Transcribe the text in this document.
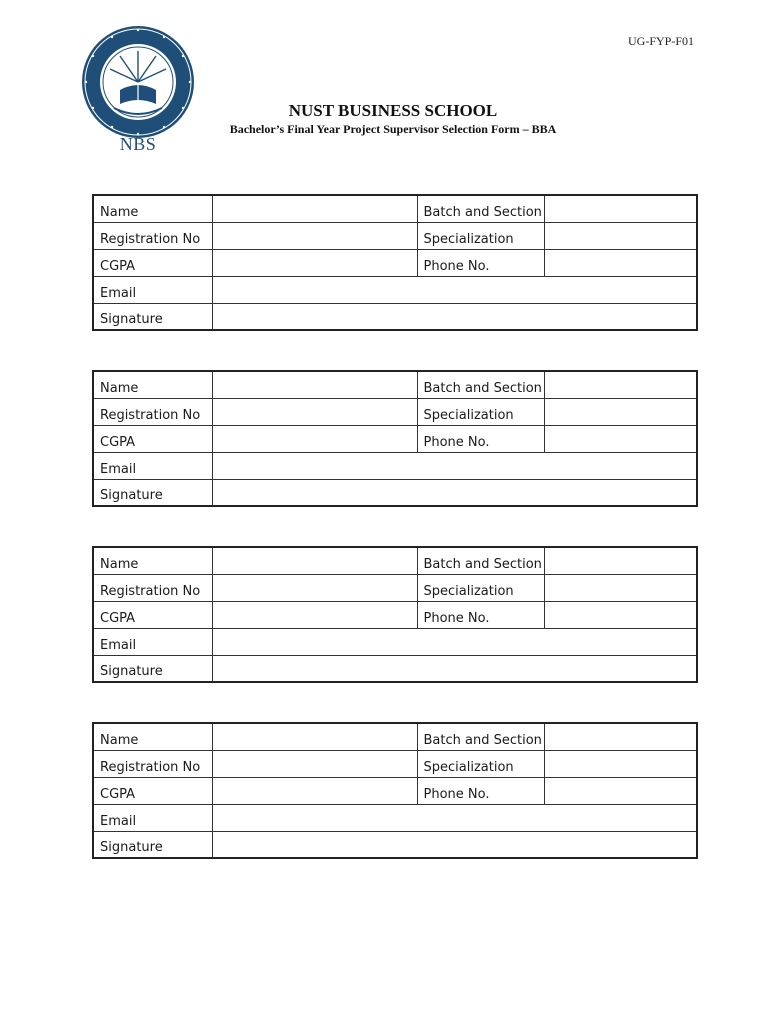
UG-FYP-F01
NBS
NUST BUSINESS SCHOOL
Bachelor’s Final Year Project Supervisor Selection Form – BBA
Name		Batch and Section	
Registration No		Specialization	
CGPA		Phone No.	
Email			
Signature			
Name		Batch and Section	
Registration No		Specialization	
CGPA		Phone No.	
Email			
Signature			
Name		Batch and Section	
Registration No		Specialization	
CGPA		Phone No.	
Email			
Signature			
Name		Batch and Section	
Registration No		Specialization	
CGPA		Phone No.	
Email			
Signature			
